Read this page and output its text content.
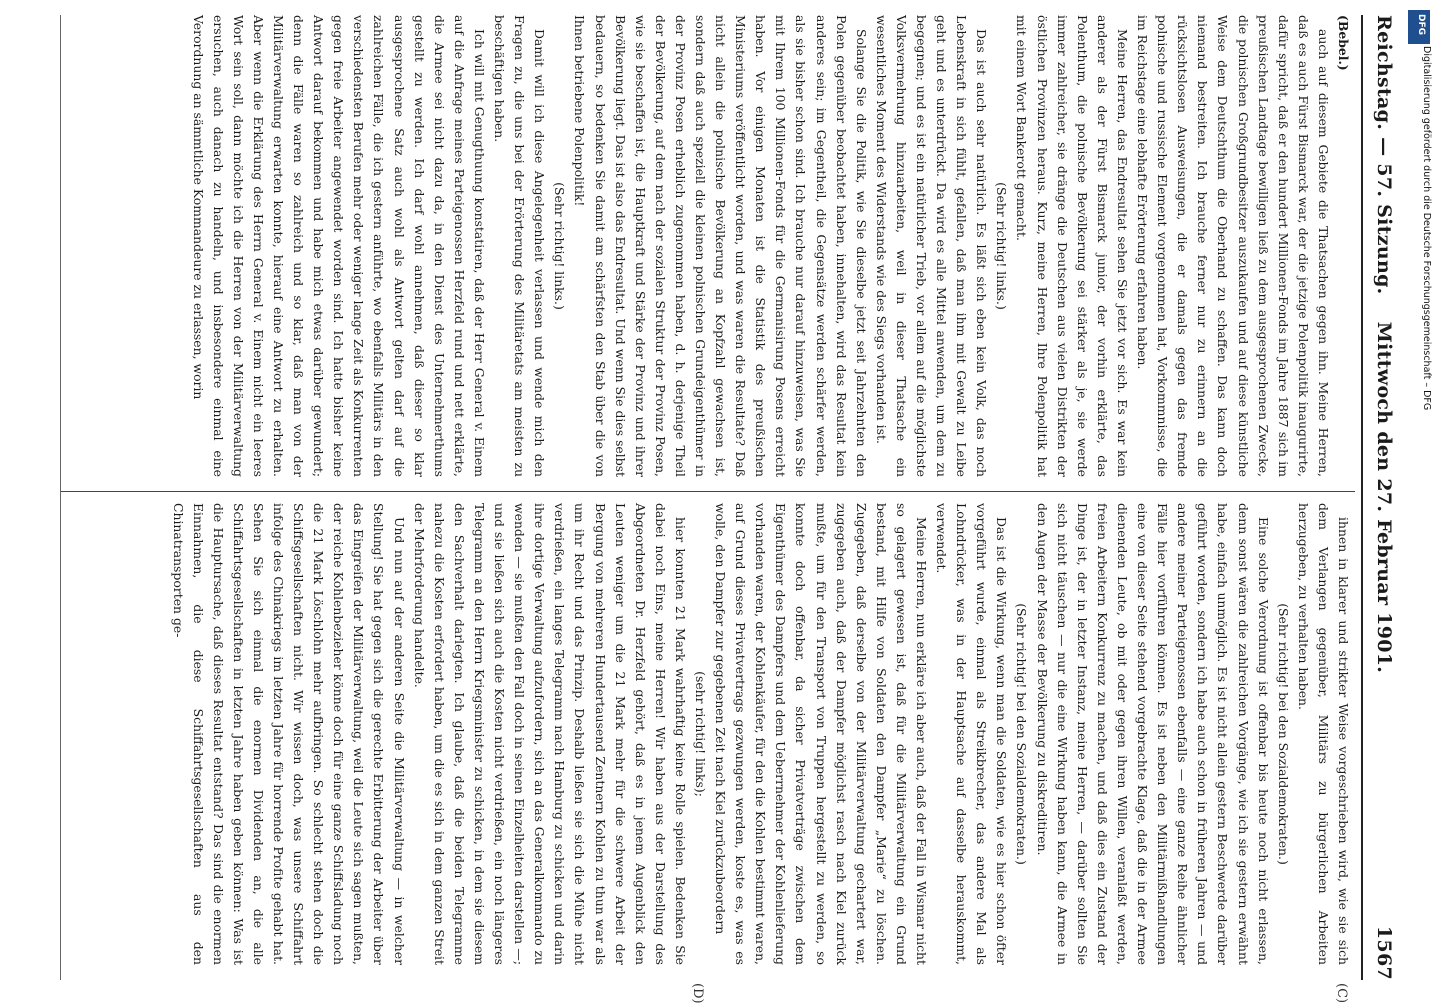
Reichstag. — 57. Sitzung.
Mittwoch den 27. Februar 1901.
1567

(Bebel.)

auch auf diesem Gebiete die Thatsachen gegen ihn. Meine Herren, daß es auch Fürst Bismarck war, der die jetzige Polenpolitik inaugurirte, dafür spricht, daß er den hundert Millionen-Fonds im Jahre 1887 sich im preußischen Landtage bewilligen ließ zu dem ausgesprochenen Zwecke, die polnischen Großgrundbesitzer auszukaufen und auf diese künstliche Weise dem Deutschthum die Oberhand zu schaffen. Das kann doch niemand bestreiten. Ich brauche ferner nur zu erinnern an die rücksichtslosen Ausweisungen, die er damals gegen das fremde polnische und russische Element vorgenommen hat, Vorkommnisse, die im Reichstage eine lebhafte Erörterung erfahren haben.

Meine Herren, das Endresultat sehen Sie jetzt vor sich. Es war kein anderer als der Fürst Bismarck junior, der vorhin erklärte, das Polenthum, die polnische Bevölkerung sei stärker als je, sie werde immer zahlreicher, sie dränge die Deutschen aus vielen Distrikten der östlichen Provinzen heraus. Kurz, meine Herren, Ihre Polenpolitik hat mit einem Wort Bankerott gemacht.

(Sehr richtig! links.)

Das ist auch sehr natürlich. Es läßt sich eben kein Volk, das noch Lebenskraft in sich fühlt, gefallen, daß man ihm mit Gewalt zu Leibe geht und es unterdrückt. Da wird es alle Mittel anwenden, um dem zu begegnen; und es ist ein natürlicher Trieb, vor allem auf die möglichste Volksvermehrung hinzuarbeiten, weil in dieser Thatsache ein wesentliches Moment des Widerstands wie des Siegs vorhanden ist.

Solange Sie die Politik, wie Sie dieselbe jetzt seit Jahrzehnten den Polen gegenüber beobachtet haben, innehalten, wird das Resultat kein anderes sein; im Gegentheil, die Gegensätze werden schärfer werden, als sie bisher schon sind. Ich brauche nur darauf hinzuweisen, was Sie mit Ihrem 100 Millionen-Fonds für die Germanisirung Posens erreicht haben. Vor einigen Monaten ist die Statistik des preußischen Ministeriums veröffentlicht worden, und was waren die Resultate? Daß nicht allein die polnische Bevölkerung an Kopfzahl gewachsen ist, sondern daß auch speziell die kleinen polnischen Grundeigenthümer in der Provinz Posen erheblich zugenommen haben, d. h. derjenige Theil der Bevölkerung, auf dem nach der sozialen Struktur der Provinz Posen, wie sie beschaffen ist, die Hauptkraft und Stärke der Provinz und ihrer Bevölkerung liegt. Das ist also das Endresultat. Und wenn Sie dies selbst bedauern, so bedenken Sie damit am schärfsten den Stab über die von Ihnen betriebene Polenpolitik!

(Sehr richtig! links.)

Damit will ich diese Angelegenheit verlassen und wende mich den Fragen zu, die uns bei der Erörterung des Militäretats am meisten zu beschäftigen haben.

Ich will mit Genugthuung konstatiren, daß der Herr General v. Einem auf die Anfrage meines Parteigenossen Herzfeld rund und nett erklärte, die Armee sei nicht dazu da, in den Dienst des Unternehmerthums gestellt zu werden. Ich darf wohl annehmen, daß dieser so klar ausgesprochene Satz auch wohl als Antwort gelten darf auf die zahlreichen Fälle, die ich gestern anführte, wo ebenfalls Militärs in den verschiedensten Berufen mehr oder weniger lange Zeit als Konkurrenten gegen freie Arbeiter angewendet worden sind. Ich hatte bisher keine Antwort darauf bekommen und habe mich etwas darüber gewundert; denn die Fälle waren so zahlreich und so klar, daß man von der Militärverwaltung erwarten konnte, hierauf eine Antwort zu erhalten. Aber wenn die Erklärung des Herrn General v. Einem nicht ein leeres Wort sein soll, dann möchte ich die Herren von der Militärverwaltung ersuchen, auch danach zu handeln, und insbesondere einmal eine Verordnung an sämmtliche Kommandeure zu erlassen, worin

ihnen in klarer und strikter Weise vorgeschrieben wird, wie sie sich dem Verlangen gegenüber, Militärs zu bürgerlichen Arbeiten herzugeben, zu verhalten haben.

(Sehr richtig! bei den Sozialdemokraten.)

Eine solche Verordnung ist offenbar bis heute noch nicht erlassen, denn sonst wären die zahlreichen Vorgänge, wie ich sie gestern erwähnt habe, einfach unmöglich. Es ist nicht allein gestern Beschwerde darüber geführt worden, sondern ich habe auch schon in früheren Jahren — und andere meiner Parteigenossen ebenfalls — eine ganze Reihe ähnlicher Fälle hier vorführen können. Es ist neben den Militärmißhandlungen eine von dieser Seite stehend vorgebrachte Klage, daß die in der Armee dienenden Leute, ob mit oder gegen ihren Willen, veranlaßt werden, freien Arbeitern Konkurrenz zu machen, und daß dies ein Zustand der Dinge ist, der in letzter Instanz, meine Herren, — darüber sollten Sie sich nicht täuschen — nur die eine Wirkung haben kann, die Armee in den Augen der Masse der Bevölkerung zu diskreditiren.

(Sehr richtig! bei den Sozialdemokraten.)

Das ist die Wirkung, wenn man die Soldaten, wie es hier schon öfter vorgeführt wurde, einmal als Streikbrecher, das andere Mal als Lohndrücker, was in der Hauptsache auf dasselbe herauskommt, verwendet.

Meine Herren, nun erkläre ich aber auch, daß der Fall in Wismar nicht so gelagert gewesen ist, daß für die Militärverwaltung ein Grund bestand, mit Hilfe von Soldaten den Dampfer „Marie“ zu löschen. Zugegeben, daß derselbe von der Militärverwaltung gechartert war, zugegeben auch, daß der Dampfer möglichst rasch nach Kiel zurück mußte, um für den Transport von Truppen hergestellt zu werden, so konnte doch offenbar, da sicher Privatverträge zwischen dem Eigenthümer des Dampfers und dem Ueberrnehmer der Kohlenlieferung vorhanden waren, der Kohlenkäufer, für den die Kohlen bestimmt waren, auf Grund dieses Privatvertrags gezwungen werden, koste es, was es wolle, den Dampfer zur gegebenen Zeit nach Kiel zurückzubeordern

(sehr richtig! links);

hier konnten 21 Mark wahrhaftig keine Rolle spielen. Bedenken Sie dabei noch Eins, meine Herren! Wir haben aus der Darstellung des Abgeordneten Dr. Herzfeld gehört, daß es in jenem Augenblick den Leuten weniger um die 21 Mark mehr für die schwere Arbeit der Bergung von mehreren Hundertausend Zentnern Kohlen zu thun war als um ihr Recht und das Prinzip. Deshalb ließen sie sich die Mühe nicht verdrießen, ein langes Telegramm nach Hamburg zu schicken und darin ihre dortige Verwaltung aufzufordern, sich an das Generalkommando zu wenden — sie mußten den Fall doch in seinen Einzelheiten darstellen —; und sie ließen sich auch die Kosten nicht verdrießen, ein noch längeres Telegramm an den Herrn Kriegsminister zu schicken, in dem sie diesem den Sachverhalt darlegten. Ich glaube, daß die beiden Telegramme nahezu die Kosten erfordert haben, um die es sich in dem ganzen Streit der Mehrforderung handelte.

Und nun auf der anderen Seite die Militärverwaltung — in welcher Stellung! Sie hat gegen sich die gerechte Erbitterung der Arbeiter über das Eingreifen der Militärverwaltung, weil die Leute sich sagen mußten, der reiche Kohlenbezieher könne doch für eine ganze Schiffsladung noch die 21 Mark Löschlohn mehr aufbringen. So schlecht stehen doch die Schiffsgesellschaften nicht. Wir wissen doch, was unsere Schiffahrt infolge des Chinakriegs im letzten Jahre für horrende Profite gehabt hat. Sehen Sie sich einmal die enormen Dividenden an, die alle Schiffahrtsgesellschaften in letzten Jahre haben geben können: Was ist die Hauptursache, daß dieses Resultat entstand? Das sind die enormen Einnahmen, die diese Schiffahrtsgesellschaften aus den Chinatransporten ge-

(C)
(D)
DFG
Digitalisierung gefördert durch die Deutsche Forschungsgemeinschaft – DFG
